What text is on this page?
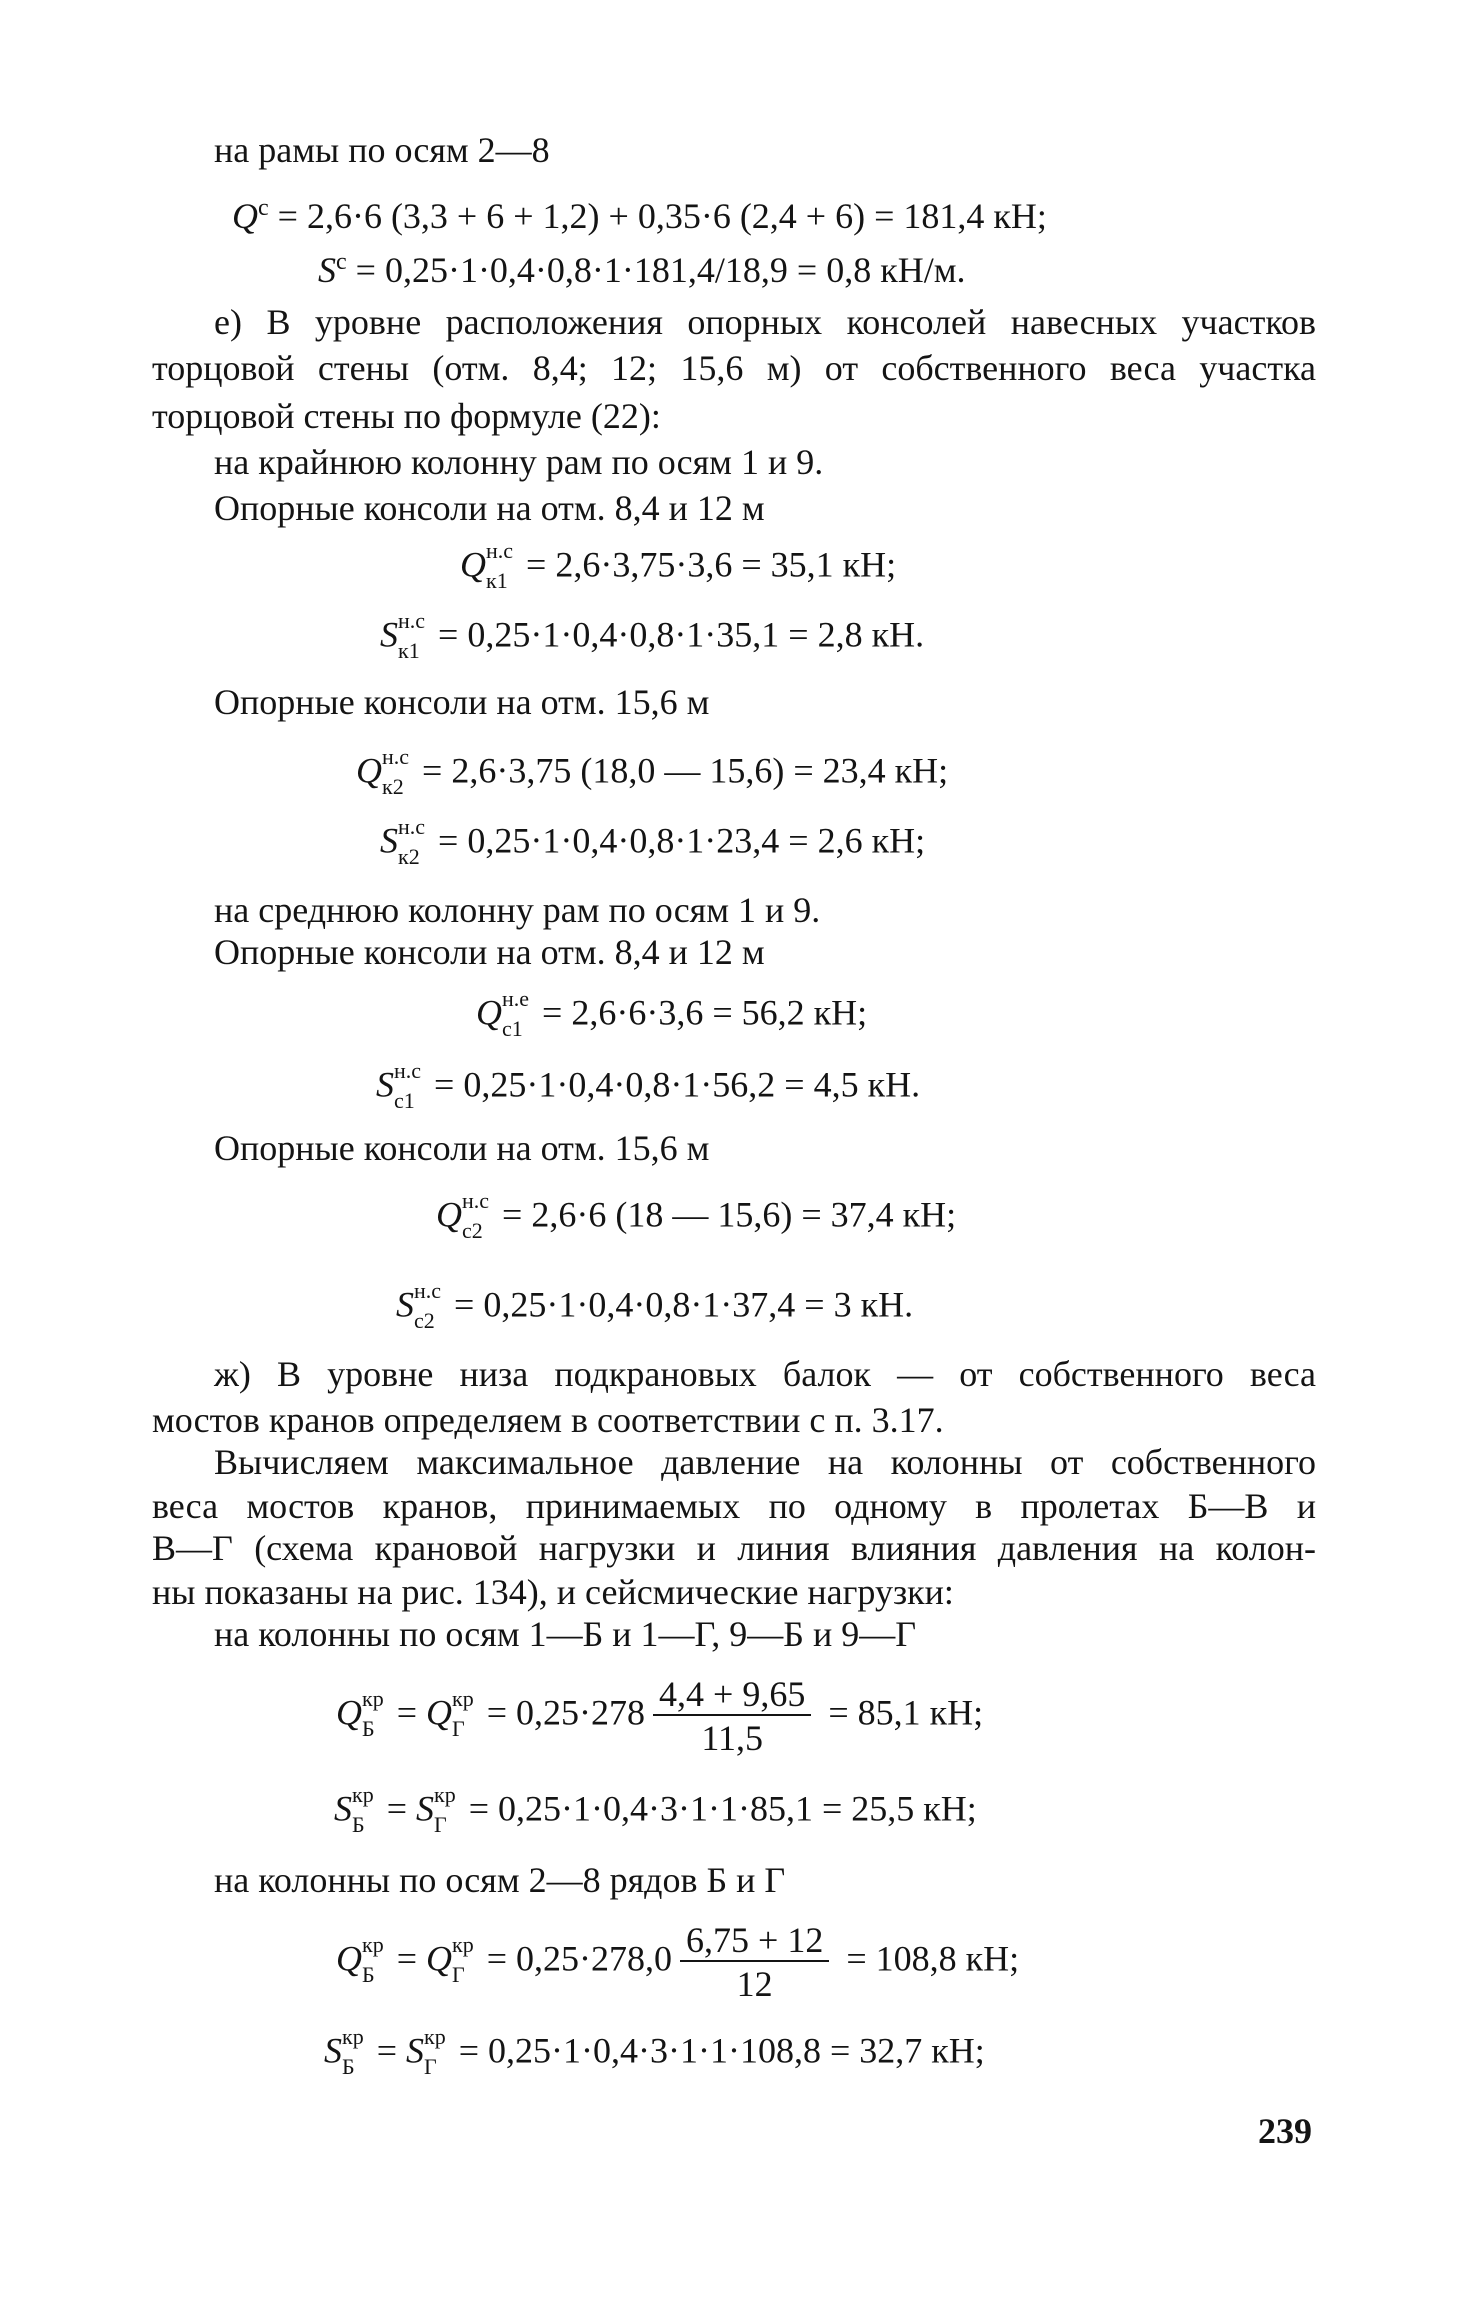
на рамы по осям 2—8
$Q^с = 2,6\cdot 6$ (3,3 + 6 + 1,2) + 0,35·6 (2,4 + 6) = 181,4 кН;
$S^с = 0,25\cdot 1\cdot 0,4\cdot 0,8\cdot 1\cdot 181,4/18,9 = 0,8$ кН/м.
е) В уровне расположения опорных консолей навесных участков
торцовой стены (отм. 8,4; 12; 15,6 м) от собственного веса участка
торцовой стены по формуле (22):
на крайнюю колонну рам по осям 1 и 9.
Опорные консоли на отм. 8,4 и 12 м
Q н.с
к1 = 2,6·3,75·3,6 = 35,1 кН;
S н.с
к1 = 0,25·1·0,4·0,8·1·35,1 = 2,8 кН.
Опорные консоли на отм. 15,6 м
Q н.с
к2 = 2,6·3,75 (18,0 — 15,6) = 23,4 кН;
S н.с
к2 = 0,25·1·0,4·0,8·1·23,4 = 2,6 кН;
на среднюю колонну рам по осям 1 и 9.
Опорные консоли на отм. 8,4 и 12 м
Q н.е
с1 = 2,6·6·3,6 = 56,2 кН;
S н.с
с1 = 0,25·1·0,4·0,8·1·56,2 = 4,5 кН.
Опорные консоли на отм. 15,6 м
Q н.с
с2 = 2,6·6 (18 — 15,6) = 37,4 кН;
S н.с
с2 = 0,25·1·0,4·0,8·1·37,4 = 3 кН.
ж) В уровне низа подкрановых балок — от собственного веса
мостов кранов определяем в соответствии с п. 3.17.
Вычисляем максимальное давление на колонны от собственного
веса мостов кранов, принимаемых по одному в пролетах Б—В и
В—Г (схема крановой нагрузки и линия влияния давления на колон-
ны показаны на рис. 134), и сейсмические нагрузки:
на колонны по осям 1—Б и 1—Г, 9—Б и 9—Г
Q кр
Б = Q кр
$Г = 0,25\cdot 278 \frac{4,4 + 9,65}{11,5} = 85,1$ кН;
S кр
Б = S кр
Г = 0,25·1·0,4·3·1·1·85,1 = 25,5 кН;
на колонны по осям 2—8 рядов Б и Г
Q кр
Б = Q кр
$Г = 0,25\cdot 278,0 \frac{6,75 + 12}{12} = 108,8$ кН;
S кр
Б = S кр
Г = 0,25·1·0,4·3·1·1·108,8 = 32,7 кН;
239
